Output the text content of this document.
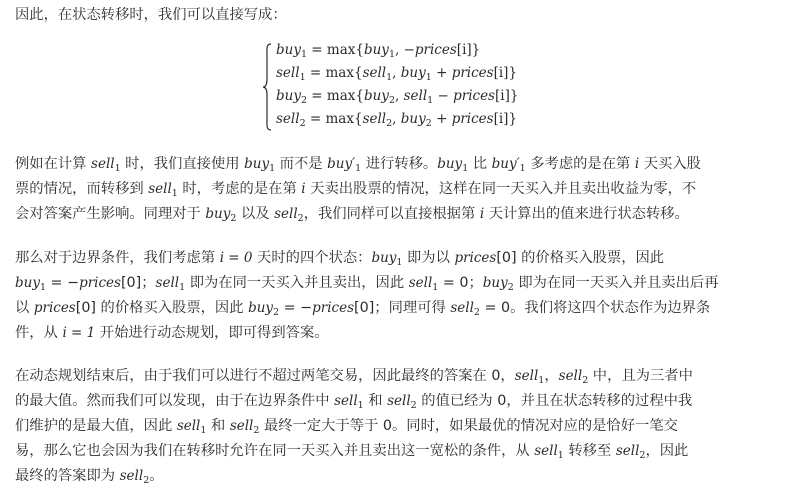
因此，在状态转移时，我们可以直接写成：

buy$_1$ = max{buy$_1$, −prices[i]}
sell$_1$ = max{sell$_1$, buy$_1$ + prices[i]}
buy$_2$ = max{buy$_2$, sell$_1$ − prices[i]}
sell$_2$ = max{sell$_2$, buy$_2$ + prices[i]}

例如在计算 sell$_1$ 时，我们直接使用 buy$_1$ 而不是 $buy'_1$ 进行转移。buy$_1$ 比 $buy'_1$ 多考虑的是在第 i 天买入股
票的情况，而转移到 sell$_1$ 时，考虑的是在第 i 天卖出股票的情况，这样在同一天买入并且卖出收益为零，不
会对答案产生影响。同理对于 buy$_2$ 以及 sell$_2$，我们同样可以直接根据第 i 天计算出的值来进行状态转移。

那么对于边界条件，我们考虑第 i = 0 天时的四个状态：buy$_1$ 即为以 prices[0] 的价格买入股票，因此
buy$_1$ = −prices[0]；sell$_1$ 即为在同一天买入并且卖出，因此 sell$_1$ = 0；buy$_2$ 即为在同一天买入并且卖出后再
以 prices[0] 的价格买入股票，因此 buy$_2$ = −prices[0]；同理可得 sell$_2$ = 0。我们将这四个状态作为边界条
件，从 i = 1 开始进行动态规划，即可得到答案。

在动态规划结束后，由于我们可以进行不超过两笔交易，因此最终的答案在 0，sell$_1$，sell$_2$ 中，且为三者中
的最大值。然而我们可以发现，由于在边界条件中 sell$_1$ 和 sell$_2$ 的值已经为 0，并且在状态转移的过程中我
们维护的是最大值，因此 sell$_1$ 和 sell$_2$ 最终一定大于等于 0。同时，如果最优的情况对应的是恰好一笔交
易，那么它也会因为我们在转移时允许在同一天买入并且卖出这一宽松的条件，从 sell$_1$ 转移至 sell$_2$，因此
最终的答案即为 sell$_2$。
